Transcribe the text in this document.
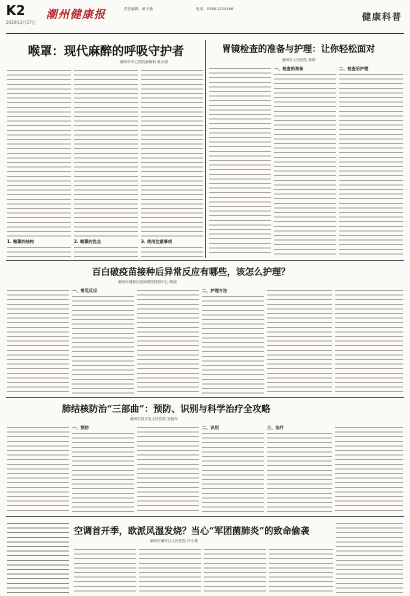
K2
2020年2月27日
潮州健康报	责任编辑：黄子涵	电话：0768-2220166
健康科普
喉罩：现代麻醉的呼吸守护者
潮州市中心医院麻醉科 黄小明
1. 喉罩的结构	2. 喉罩的优点	3. 使用注意事项
胃镜检查的准备与护理：让你轻松面对
潮州市人民医院 林婷
一、检查前准备	二、检查后护理
百白破疫苗接种后异常反应有哪些，该怎么护理？
潮州市湘桥区疾病预防控制中心 陈丽
一、常见反应	二、护理方法
肺结核防治“三部曲”：预防、识别与科学治疗全攻略
潮州市饶平县人民医院 吴晓东
一、预防	二、识别	三、治疗
空调首开季，欧派风湿发烧？当心“军团菌肺炎”的致命偷袭
潮州市潮安区人民医院 许小燕
